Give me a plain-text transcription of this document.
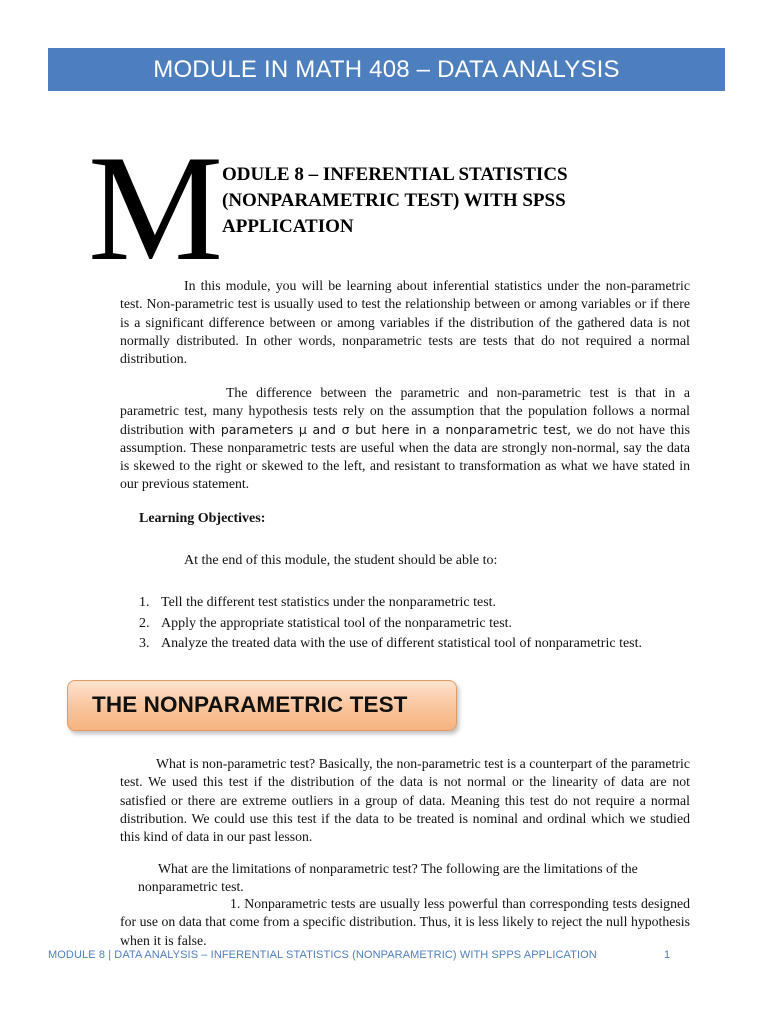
MODULE IN MATH 408 – DATA ANALYSIS
M
ODULE 8 – INFERENTIAL STATISTICS
(NONPARAMETRIC TEST) WITH SPSS
APPLICATION

In this module, you will be learning about inferential statistics under the non-parametric test. Non-parametric test is usually used to test the relationship between or among variables or if there is a significant difference between or among variables if the distribution of the gathered data is not normally distributed. In other words, nonparametric tests are tests that do not required a normal distribution.

The difference between the parametric and non-parametric test is that in a parametric test, many hypothesis tests rely on the assumption that the population follows a normal distribution with parameters μ and σ but here in a nonparametric test, we do not have this assumption. These nonparametric tests are useful when the data are strongly non-normal, say the data is skewed to the right or skewed to the left, and resistant to transformation as what we have stated in our previous statement.

Learning Objectives:
At the end of this module, the student should be able to:
1. Tell the different test statistics under the nonparametric test.
2. Apply the appropriate statistical tool of the nonparametric test.
3. Analyze the treated data with the use of different statistical tool of nonparametric test.
THE NONPARAMETRIC TEST

What is non-parametric test? Basically, the non-parametric test is a counterpart of the parametric test. We used this test if the distribution of the data is not normal or the linearity of data are not satisfied or there are extreme outliers in a group of data. Meaning this test do not require a normal distribution. We could use this test if the data to be treated is nominal and ordinal which we studied this kind of data in our past lesson.

What are the limitations of nonparametric test? The following are the limitations of the nonparametric test.

1. Nonparametric tests are usually less powerful than corresponding tests designed for use on data that come from a specific distribution. Thus, it is less likely to reject the null hypothesis when it is false.

MODULE 8 | DATA ANALYSIS – INFERENTIAL STATISTICS (NONPARAMETRIC) WITH SPPS APPLICATION	1
